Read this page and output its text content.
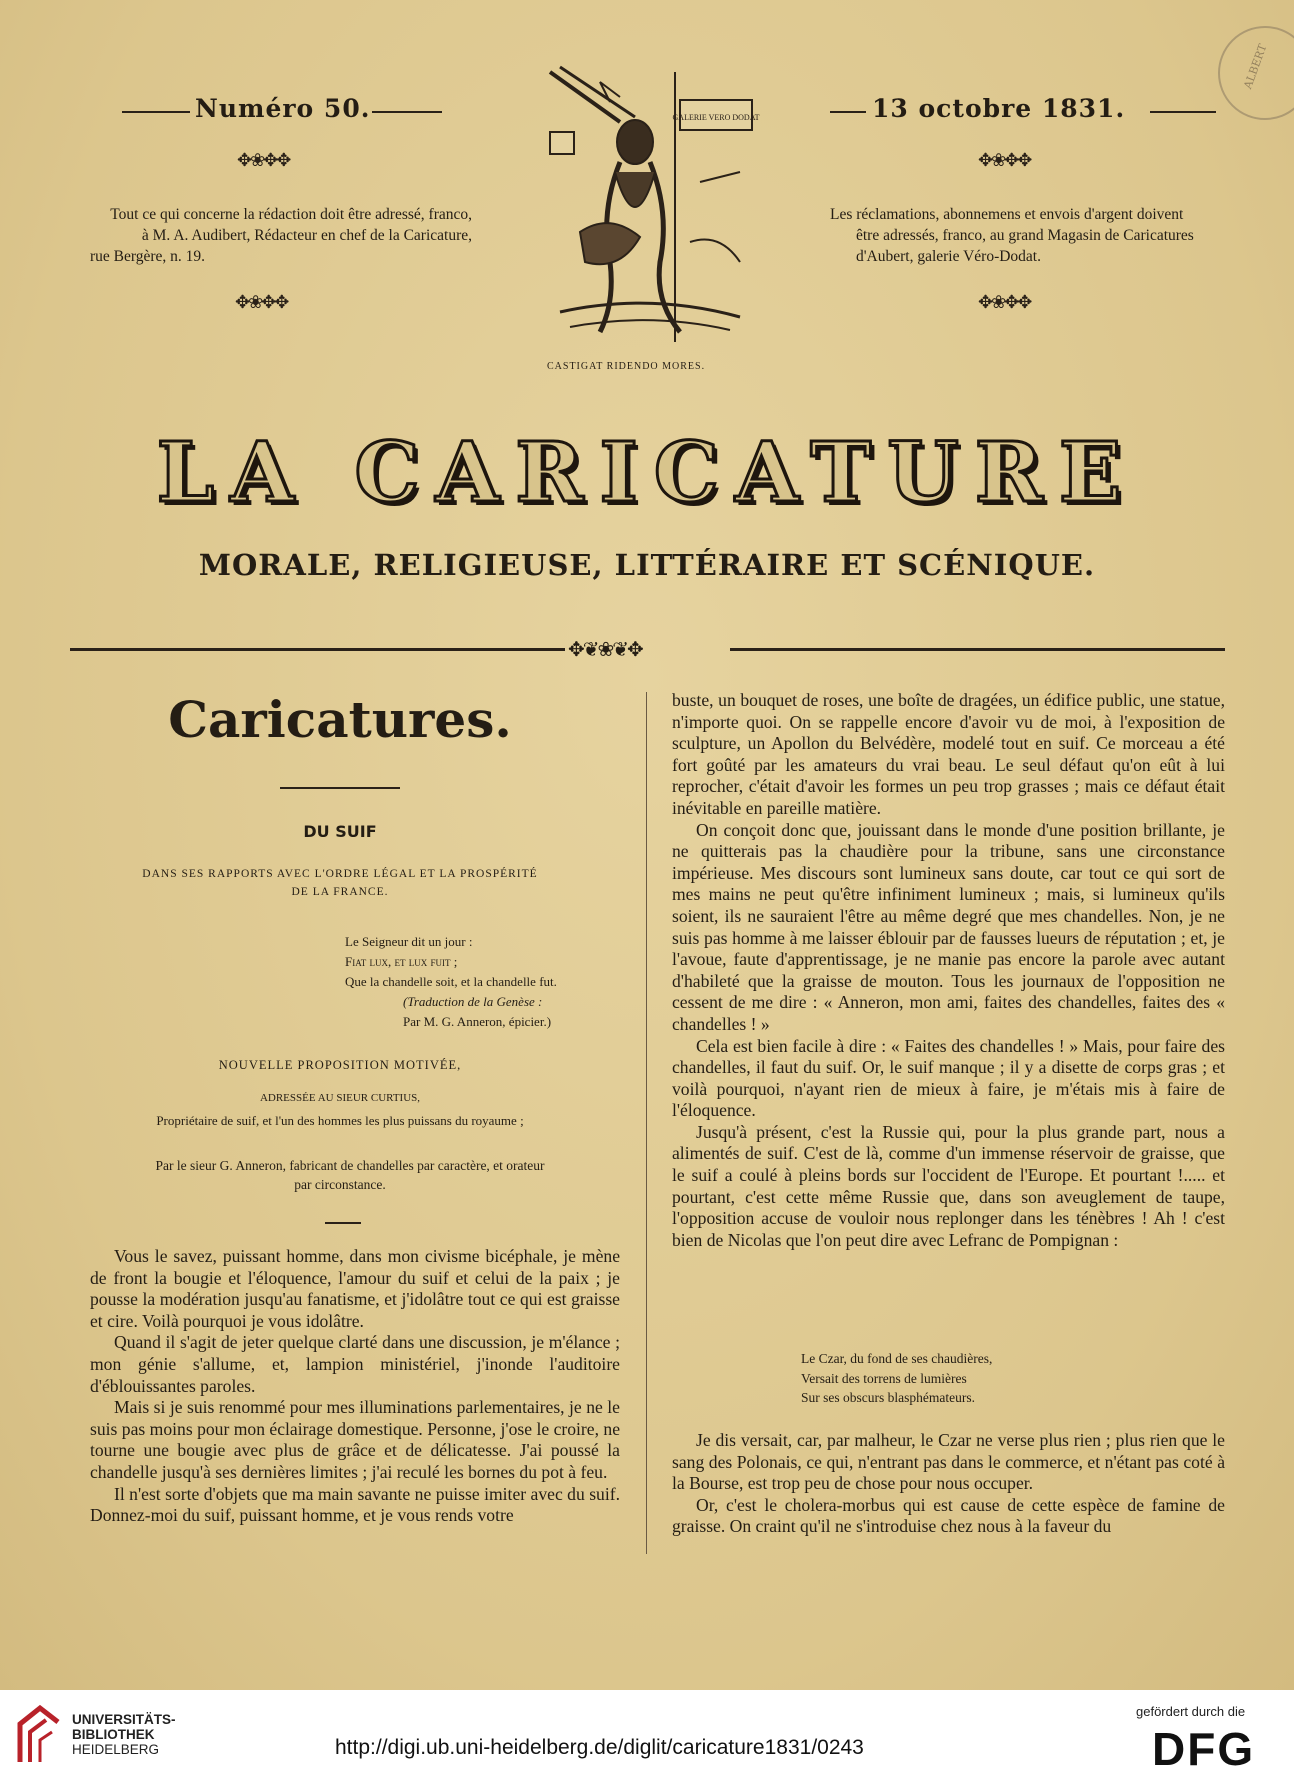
Numéro 50.
✥❀✥✥
Tout ce qui concerne la rédaction doit être adressé, franco,
à M. A. Audibert, Rédacteur en chef de la Caricature,
rue Bergère, n. 19.
✥❀✥✥
GALERIE VERO DODAT
CASTIGAT RIDENDO MORES.
13 octobre 1831.
✥❀✥✥
Les réclamations, abonnemens et envois d'argent doivent
être adressés, franco, au grand Magasin de Caricatures
d'Aubert, galerie Véro-Dodat.
✥❀✥✥
ALBERT
LA CARICATURE
MORALE, RELIGIEUSE, LITTÉRAIRE ET SCÉNIQUE.
✥❦❀❦✥
Caricatures.
DU SUIF
DANS SES RAPPORTS AVEC L'ORDRE LÉGAL ET LA PROSPÉRITÉ
DE LA FRANCE.
Le Seigneur dit un jour :
Fiat lux, et lux fuit ;
Que la chandelle soit, et la chandelle fut.
(Traduction de la Genèse :
Par M. G. Anneron, épicier.)
NOUVELLE PROPOSITION MOTIVÉE,
ADRESSÉE AU SIEUR CURTIUS,
Propriétaire de suif, et l'un des hommes les plus puissans du royaume ;
Par le sieur G. Anneron, fabricant de chandelles par caractère, et orateur
par circonstance.

Vous le savez, puissant homme, dans mon civisme bicéphale, je mène de front la bougie et l'éloquence, l'amour du suif et celui de la paix ; je pousse la modération jusqu'au fanatisme, et j'idolâtre tout ce qui est graisse et cire. Voilà pourquoi je vous idolâtre.

Quand il s'agit de jeter quelque clarté dans une discussion, je m'élance ; mon génie s'allume, et, lampion ministériel, j'inonde l'auditoire d'éblouissantes paroles.

Mais si je suis renommé pour mes illuminations parlementaires, je ne le suis pas moins pour mon éclairage domestique. Personne, j'ose le croire, ne tourne une bougie avec plus de grâce et de délicatesse. J'ai poussé la chandelle jusqu'à ses dernières limites ; j'ai reculé les bornes du pot à feu.

Il n'est sorte d'objets que ma main savante ne puisse imiter avec du suif. Donnez-moi du suif, puissant homme, et je vous rends votre

buste, un bouquet de roses, une boîte de dragées, un édifice public, une statue, n'importe quoi. On se rappelle encore d'avoir vu de moi, à l'exposition de sculpture, un Apollon du Belvédère, modelé tout en suif. Ce morceau a été fort goûté par les amateurs du vrai beau. Le seul défaut qu'on eût à lui reprocher, c'était d'avoir les formes un peu trop grasses ; mais ce défaut était inévitable en pareille matière.

On conçoit donc que, jouissant dans le monde d'une position brillante, je ne quitterais pas la chaudière pour la tribune, sans une circonstance impérieuse. Mes discours sont lumineux sans doute, car tout ce qui sort de mes mains ne peut qu'être infiniment lumineux ; mais, si lumineux qu'ils soient, ils ne sauraient l'être au même degré que mes chandelles. Non, je ne suis pas homme à me laisser éblouir par de fausses lueurs de réputation ; et, je l'avoue, faute d'apprentissage, je ne manie pas encore la parole avec autant d'habileté que la graisse de mouton. Tous les journaux de l'opposition ne cessent de me dire : « Anneron, mon ami, faites des chandelles, faites des « chandelles ! »

Cela est bien facile à dire : « Faites des chandelles ! » Mais, pour faire des chandelles, il faut du suif. Or, le suif manque ; il y a disette de corps gras ; et voilà pourquoi, n'ayant rien de mieux à faire, je m'étais mis à faire de l'éloquence.

Jusqu'à présent, c'est la Russie qui, pour la plus grande part, nous a alimentés de suif. C'est de là, comme d'un immense réservoir de graisse, que le suif a coulé à pleins bords sur l'occident de l'Europe. Et pourtant !..... et pourtant, c'est cette même Russie que, dans son aveuglement de taupe, l'opposition accuse de vouloir nous replonger dans les ténèbres ! Ah ! c'est bien de Nicolas que l'on peut dire avec Lefranc de Pompignan :

Le Czar, du fond de ses chaudières,
Versait des torrens de lumières
Sur ses obscurs blasphémateurs.

Je dis versait, car, par malheur, le Czar ne verse plus rien ; plus rien que le sang des Polonais, ce qui, n'entrant pas dans le commerce, et n'étant pas coté à la Bourse, est trop peu de chose pour nous occuper.

Or, c'est le cholera-morbus qui est cause de cette espèce de famine de graisse. On craint qu'il ne s'introduise chez nous à la faveur du

UNIVERSITÄTS-
BIBLIOTHEK
HEIDELBERG	http://digi.ub.uni-heidelberg.de/diglit/caricature1831/0243
gefördert durch die
DFG
